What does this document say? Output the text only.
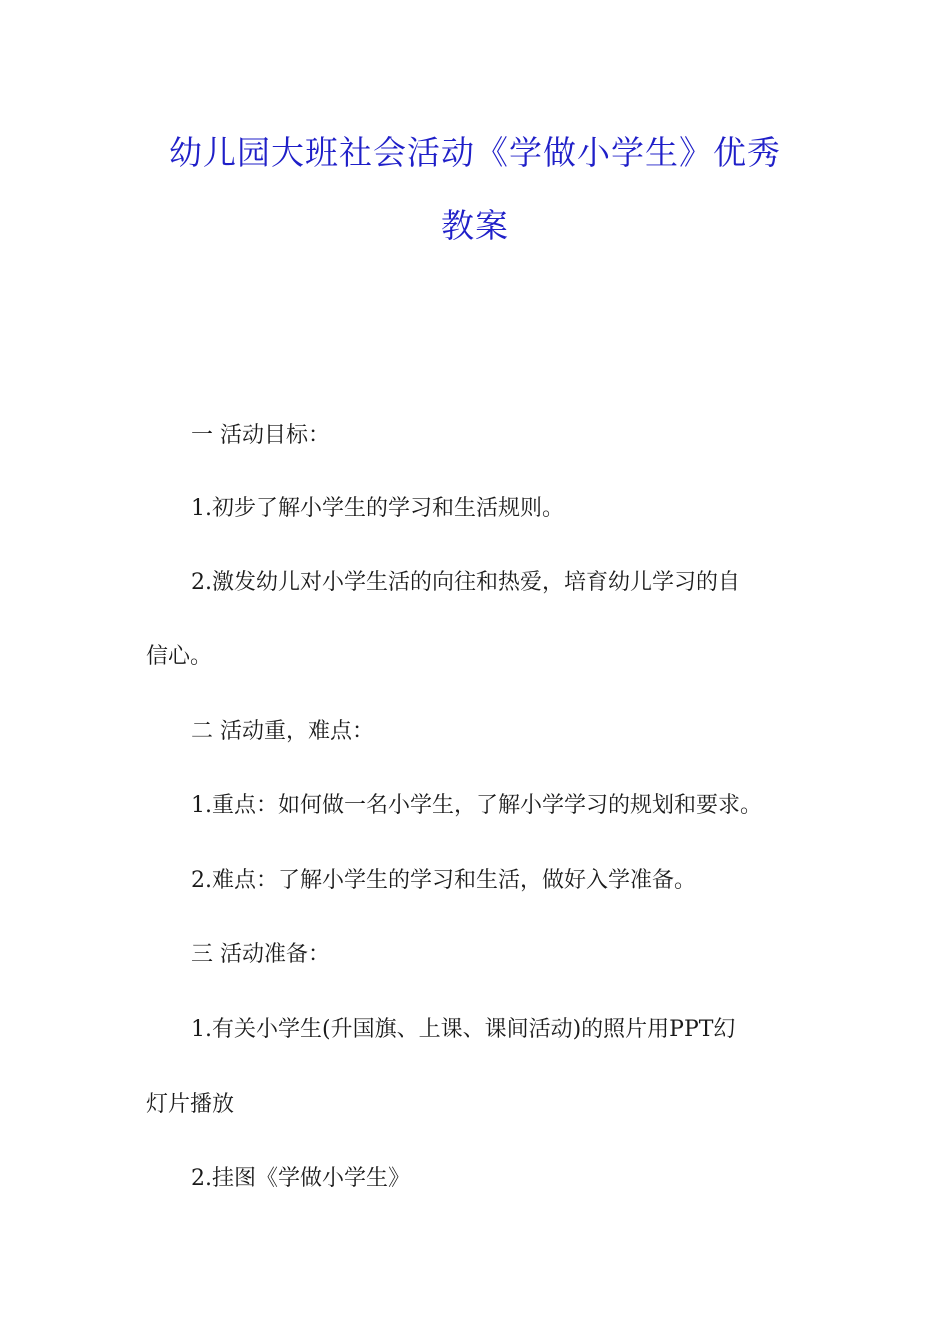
幼儿园大班社会活动《学做小学生》优秀
教案
一 活动目标：
1.初步了解小学生的学习和生活规则。
2.激发幼儿对小学生活的向往和热爱，培育幼儿学习的自
信心。
二 活动重，难点：
1.重点：如何做一名小学生，了解小学学习的规划和要求。
2.难点：了解小学生的学习和生活，做好入学准备。
三 活动准备：
1.有关小学生(升国旗、上课、课间活动)的照片用PPT幻
灯片播放
2.挂图《学做小学生》
